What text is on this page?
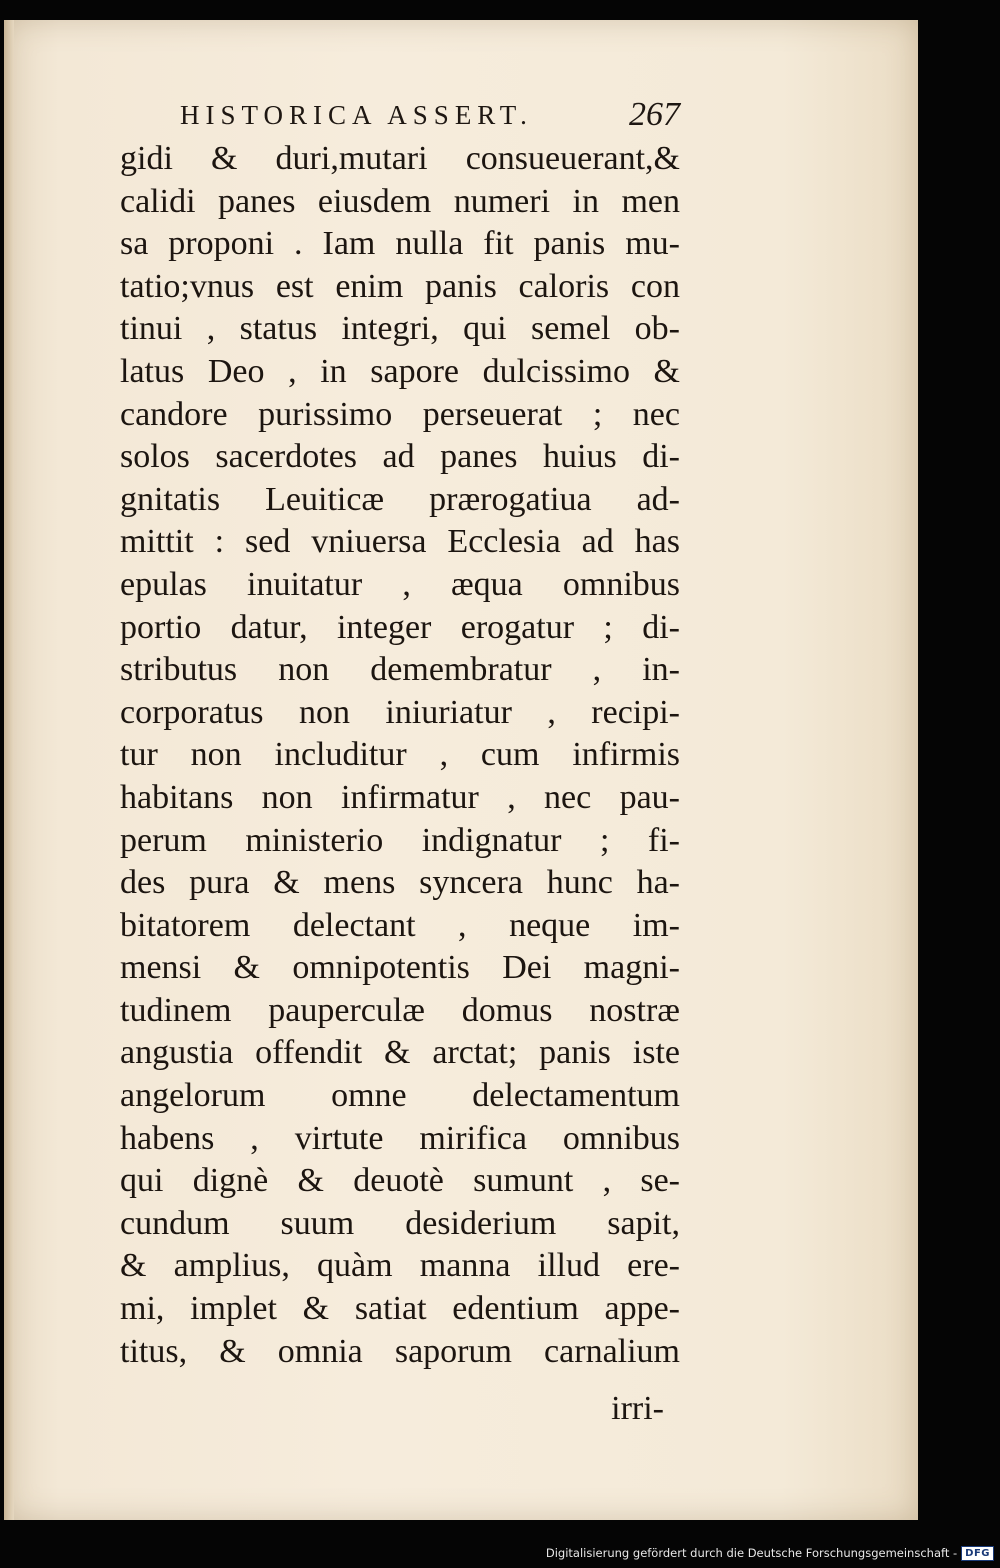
HISTORICA ASSERT.	267
gidi & duri,mutari consueuerant,&
calidi panes eiusdem numeri in men
sa proponi . Iam nulla fit panis mu-
tatio;vnus est enim panis caloris con
tinui , status integri, qui semel ob-
latus Deo , in sapore dulcissimo &
candore purissimo perseuerat ; nec
solos sacerdotes ad panes huius di-
gnitatis Leuiticæ prærogatiua ad-
mittit : sed vniuersa Ecclesia ad has
epulas inuitatur , æqua omnibus
portio datur, integer erogatur ; di-
stributus non demembratur , in-
corporatus non iniuriatur , recipi-
tur non includitur , cum infirmis
habitans non infirmatur , nec pau-
perum ministerio indignatur ; fi-
des pura & mens syncera hunc ha-
bitatorem delectant , neque im-
mensi & omnipotentis Dei magni-
tudinem pauperculæ domus nostræ
angustia offendit & arctat; panis iste
angelorum omne delectamentum
habens , virtute mirifica omnibus
qui dignè & deuotè sumunt , se-
cundum suum desiderium sapit,
& amplius, quàm manna illud ere-
mi, implet & satiat edentium appe-
titus, & omnia saporum carnalium
irri-
Digitalisierung gefördert durch die Deutsche Forschungsgemeinschaft - DFG
